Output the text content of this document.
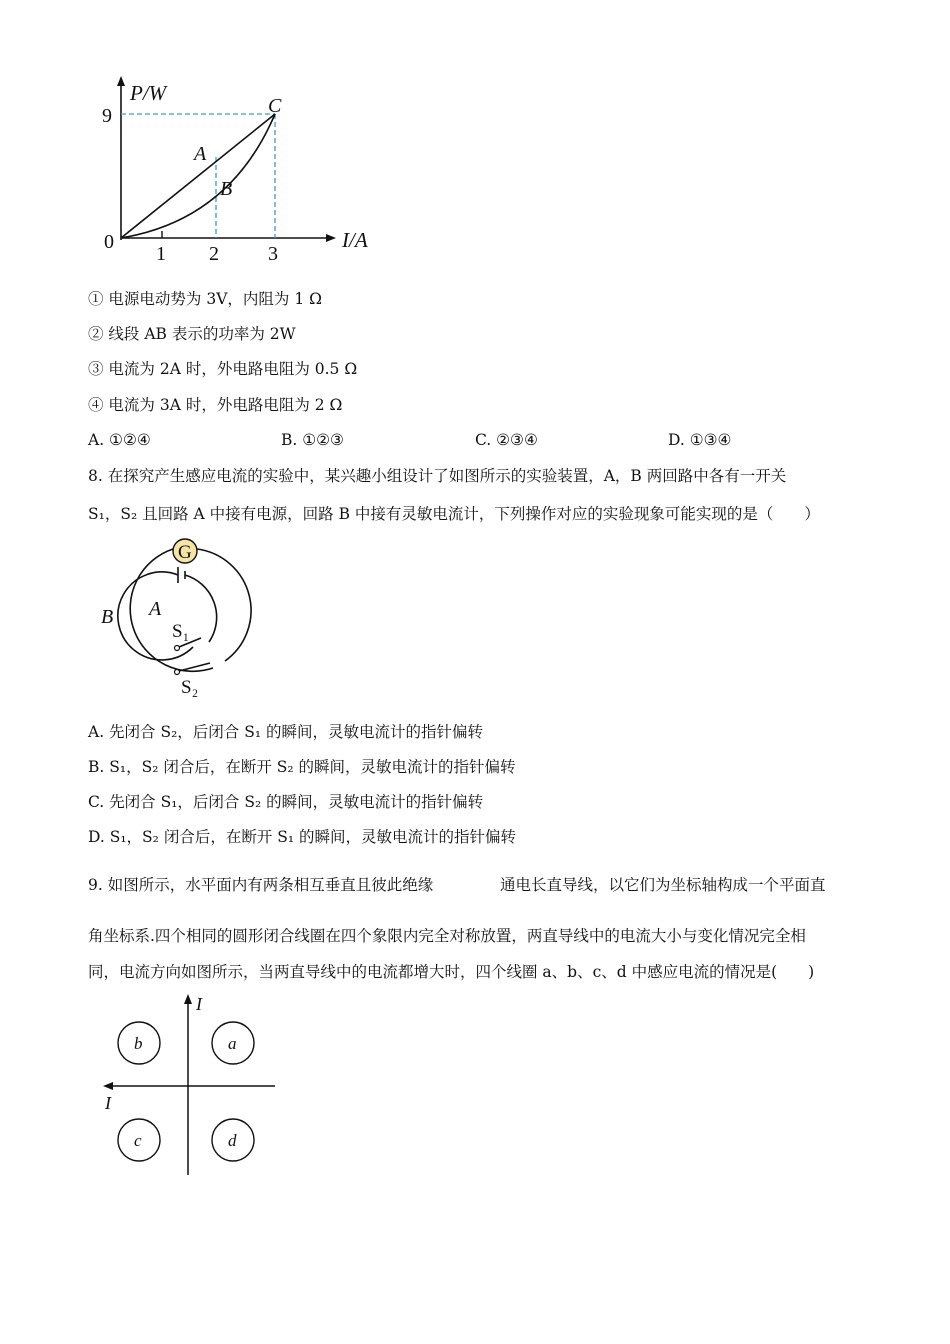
P/W
I/A
0
9
1 2 3
A
B
C
① 电源电动势为 3V，内阻为 1 Ω
② 线段 AB 表示的功率为 2W
③ 电流为 2A 时，外电路电阻为 0.5 Ω
④ 电流为 3A 时，外电路电阻为 2 Ω
A. ①②④	B. ①②③	C. ②③④	D. ①③④
8. 在探究产生感应电流的实验中，某兴趣小组设计了如图所示的实验装置，A，B 两回路中各有一开关
S₁，S₂ 且回路 A 中接有电源，回路 B 中接有灵敏电流计，下列操作对应的实验现象可能实现的是（　　）
G
B A
S₁
S₂
A. 先闭合 S₂，后闭合 S₁ 的瞬间，灵敏电流计的指针偏转
B. S₁，S₂ 闭合后，在断开 S₂ 的瞬间，灵敏电流计的指针偏转
C. 先闭合 S₁，后闭合 S₂ 的瞬间，灵敏电流计的指针偏转
D. S₁，S₂ 闭合后，在断开 S₁ 的瞬间，灵敏电流计的指针偏转
9. 如图所示，水平面内有两条相互垂直且彼此绝缘	通电长直导线，以它们为坐标轴构成一个平面直
角坐标系.四个相同的圆形闭合线圈在四个象限内完全对称放置，两直导线中的电流大小与变化情况完全相
同，电流方向如图所示，当两直导线中的电流都增大时，四个线圈 a、b、c、d 中感应电流的情况是(　　)
I
I
b	a
c	d
